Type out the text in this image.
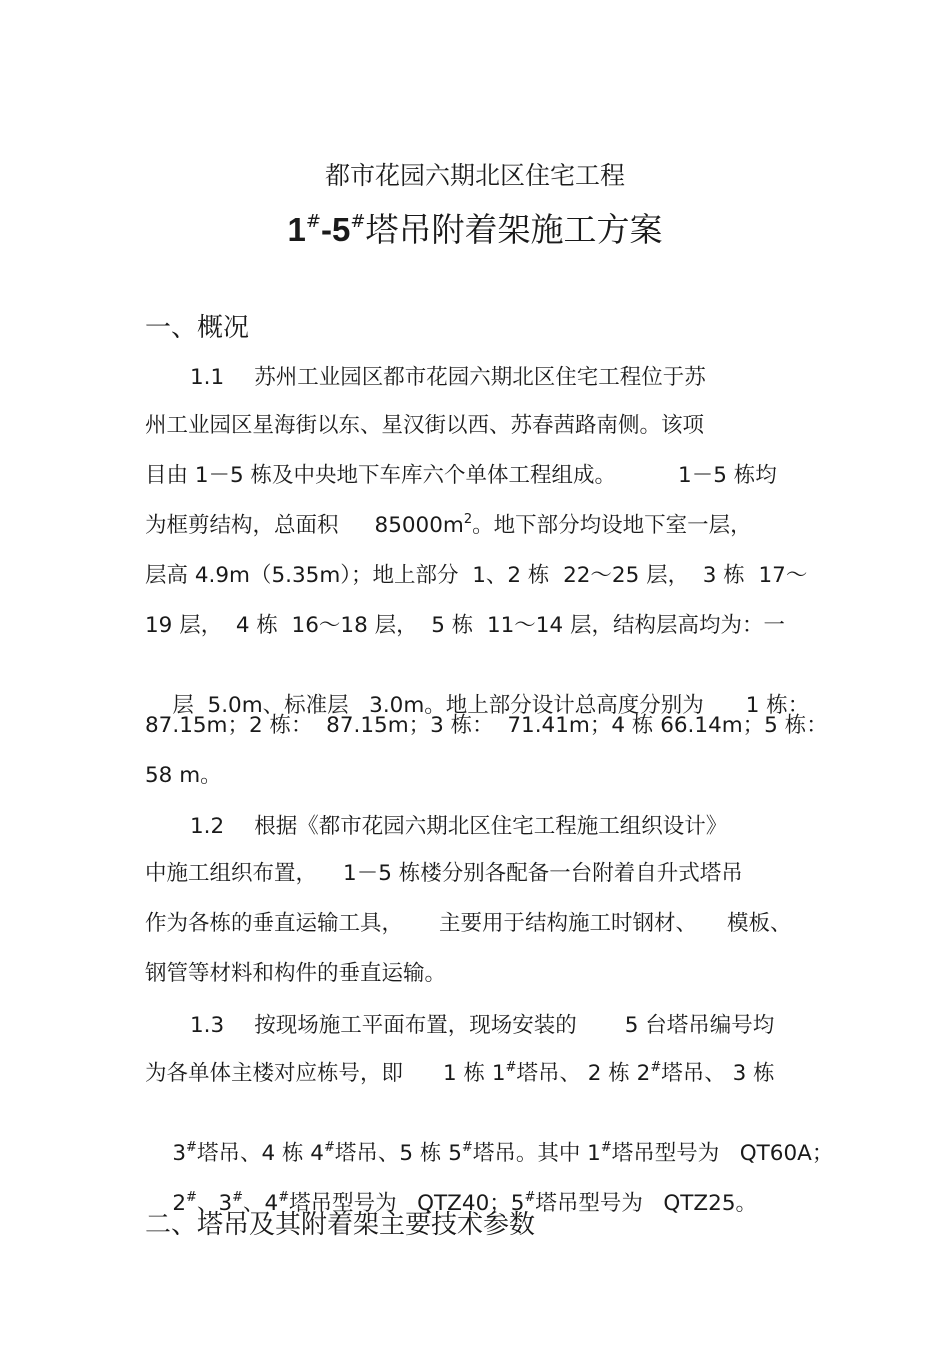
都市花园六期北区住宅工程
1#-5#塔吊附着架施工方案
一、概况
1.1 苏州工业园区都市花园六期北区住宅工程位于苏
州工业园区星海街以东、星汉街以西、苏春茜路南侧。该项
目由 1－5 栋及中央地下车库六个单体工程组成。	1－5 栋均
为框剪结构，总面积 $85000m^2$。地下部分均设地下室一层，
层高 4.9m（5.35m）；地上部分  1、2 栋  22～25 层，  3 栋  17～
19 层，  4 栋  16～18 层，  5 栋  11～14 层，结构层高均为：一

层  5.0m、标准层   3.0m。地上部分设计总高度分别为 1 栋：

87.15m；2 栋：  87.15m；3 栋：  71.41m；4 栋 66.14m；5 栋：
58 m。
1.2 根据《都市花园六期北区住宅工程施工组织设计》
中施工组织布置， 1－5 栋楼分别各配备一台附着自升式塔吊
作为各栋的垂直运输工具， 主要用于结构施工时钢材、 模板、
钢管等材料和构件的垂直运输。
1.3 按现场施工平面布置，现场安装的 5 台塔吊编号均
为各单体主楼对应栋号，即 1 栋 1#塔吊、 2 栋 2#塔吊、 3 栋

3#塔吊、4 栋 4#塔吊、5 栋 5#塔吊。其中 1#塔吊型号为   QT60A；

2#、3#、4#塔吊型号为   QTZ40；5#塔吊型号为   QTZ25。

二、塔吊及其附着架主要技术参数
